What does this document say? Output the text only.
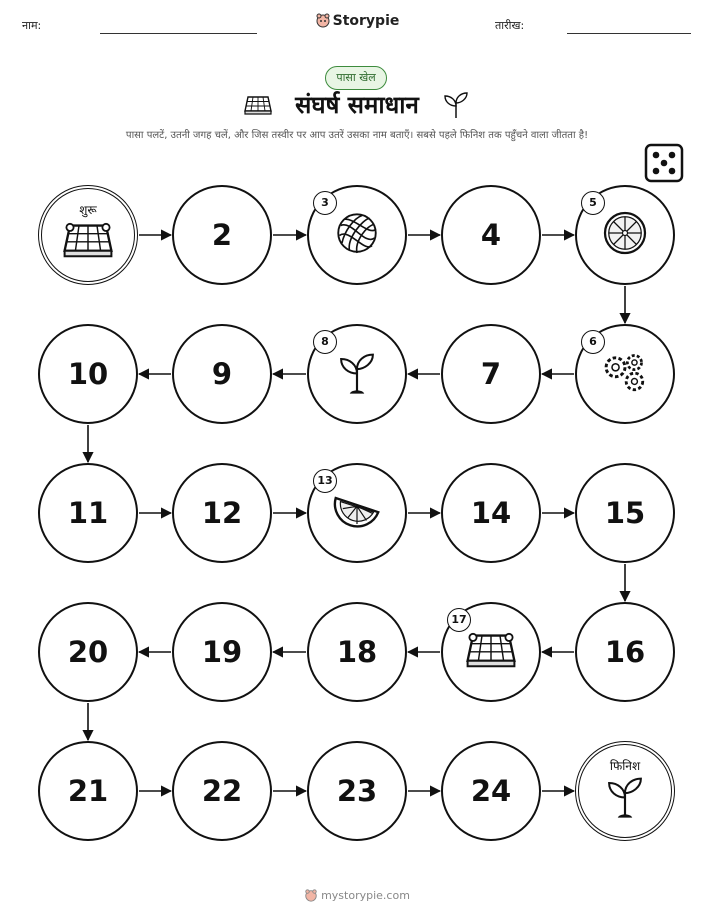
नाम:	Storypie	तारीख:
पासा खेल
संघर्ष समाधान
पासा पलटें, उतनी जगह चलें, और जिस तस्वीर पर आप उतरें उसका नाम बताएँ। सबसे पहले फिनिश तक पहुँचने वाला जीतता है!
शुरू
2
3
4
5
6
7
8
9
10
11	12
13
14	15
16
17
18
19
20
21	22	23	24
फिनिश
mystorypie.com
